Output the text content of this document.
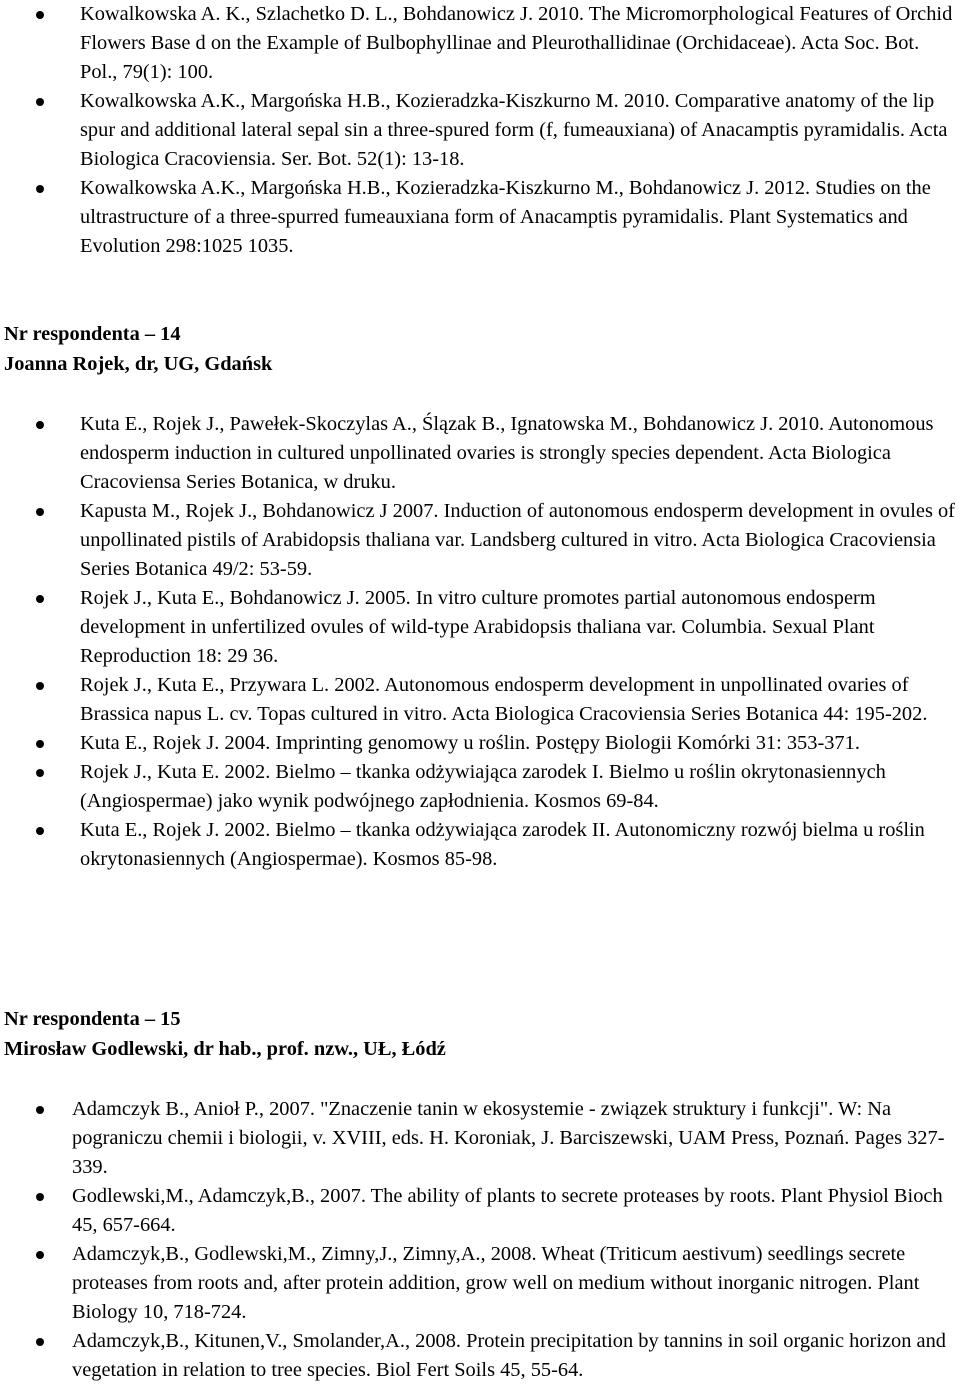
Kowalkowska A. K., Szlachetko D. L., Bohdanowicz J. 2010. The Micromorphological Features of Orchid Flowers Base d on the Example of Bulbophyllinae and Pleurothallidinae (Orchidaceae). Acta Soc. Bot. Pol., 79(1): 100.
Kowalkowska A.K., Margońska H.B., Kozieradzka-Kiszkurno M. 2010. Comparative anatomy of the lip spur and additional lateral sepal sin a three-spured form (f, fumeauxiana) of Anacamptis pyramidalis. Acta Biologica Cracoviensia. Ser. Bot. 52(1): 13-18.
Kowalkowska A.K., Margońska H.B., Kozieradzka-Kiszkurno M., Bohdanowicz J. 2012. Studies on the ultrastructure of a three-spurred fumeauxiana form of Anacamptis pyramidalis. Plant Systematics and Evolution 298:1025 1035.
Nr respondenta – 14
Joanna Rojek, dr, UG, Gdańsk
Kuta E., Rojek J., Pawełek-Skoczylas A., Ślązak B., Ignatowska M., Bohdanowicz J. 2010. Autonomous endosperm induction in cultured unpollinated ovaries is strongly species dependent. Acta Biologica Cracoviensa Series Botanica, w druku.
Kapusta M., Rojek J., Bohdanowicz J 2007. Induction of autonomous endosperm development in ovules of unpollinated pistils of Arabidopsis thaliana var. Landsberg cultured in vitro. Acta Biologica Cracoviensia Series Botanica 49/2: 53-59.
Rojek J., Kuta E., Bohdanowicz J. 2005. In vitro culture promotes partial autonomous endosperm development in unfertilized ovules of wild-type Arabidopsis thaliana var. Columbia. Sexual Plant Reproduction 18: 29 36.
Rojek J., Kuta E., Przywara L. 2002. Autonomous endosperm development in unpollinated ovaries of Brassica napus L. cv. Topas cultured in vitro. Acta Biologica Cracoviensia Series Botanica 44: 195-202.
Kuta E., Rojek J. 2004. Imprinting genomowy u roślin. Postępy Biologii Komórki 31: 353-371.
Rojek J., Kuta E. 2002. Bielmo – tkanka odżywiająca zarodek I. Bielmo u roślin okrytonasiennych (Angiospermae) jako wynik podwójnego zapłodnienia. Kosmos 69-84.
Kuta E., Rojek J. 2002. Bielmo – tkanka odżywiająca zarodek II. Autonomiczny rozwój bielma u roślin okrytonasiennych (Angiospermae). Kosmos 85-98.
Nr respondenta – 15
Mirosław Godlewski, dr hab., prof. nzw., UŁ, Łódź
Adamczyk B., Anioł P., 2007. "Znaczenie tanin w ekosystemie - związek struktury i funkcji". W: Na pograniczu chemii i biologii, v. XVIII, eds. H. Koroniak, J. Barciszewski, UAM Press, Poznań. Pages 327-339.
Godlewski,M., Adamczyk,B., 2007. The ability of plants to secrete proteases by roots. Plant Physiol Bioch 45, 657-664.
Adamczyk,B., Godlewski,M., Zimny,J., Zimny,A., 2008. Wheat (Triticum aestivum) seedlings secrete proteases from roots and, after protein addition, grow well on medium without inorganic nitrogen. Plant Biology 10, 718-724.
Adamczyk,B., Kitunen,V., Smolander,A., 2008. Protein precipitation by tannins in soil organic horizon and vegetation in relation to tree species. Biol Fert Soils 45, 55-64.
